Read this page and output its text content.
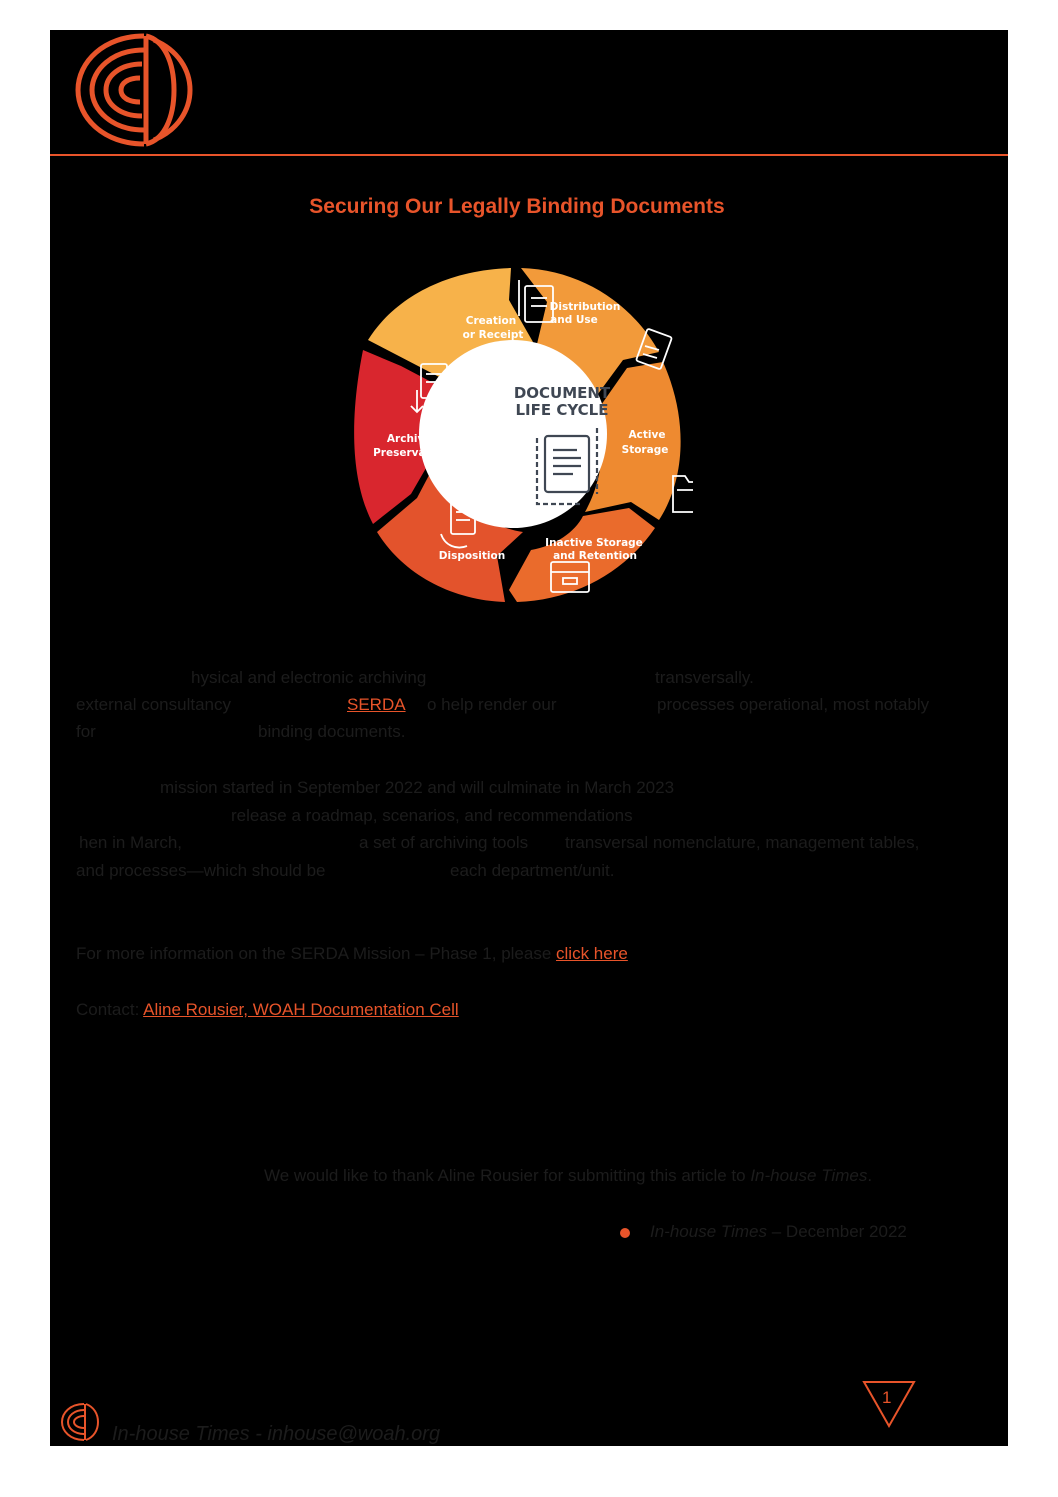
Securing Our Legally Binding Documents
Creation
or Receipt
Distribution
and Use
Active
Storage
Inactive Storage
and Retention
Disposition
Archival
Preservation
DOCUMENT
LIFE CYCLE
hysical and electronic archiving	transversally.
external consultancy	SERDA o help render our	processes operational, most notably
for	binding documents.
mission started in September 2022 and will culminate in March 2023
release a roadmap, scenarios, and recommendations
hen in March,	a set of archiving tools transversal nomenclature, management tables,
and processes—which should be	each department/unit.
For more information on the SERDA Mission – Phase 1, please click here
Contact: Aline Rousier, WOAH Documentation Cell
We would like to thank Aline Rousier for submitting this article to In-house Times.
In-house Times – December 2022
1
In-house Times - inhouse@woah.org
